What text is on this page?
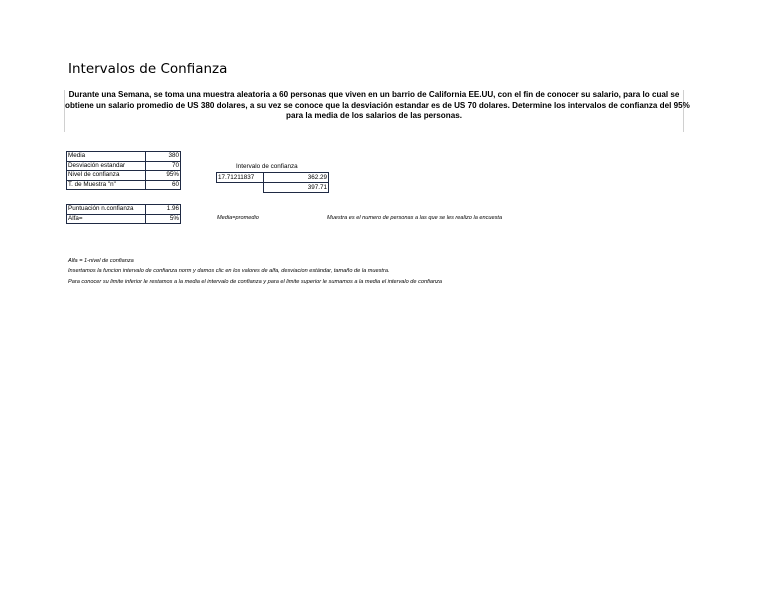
Intervalos de Confianza
Durante una Semana, se toma una muestra aleatoria a 60 personas que viven en un barrio de California EE.UU, con el fin de conocer su salario, para lo cual se
obtiene un salario promedio de US 380 dolares, a su vez se conoce que la desviación estandar es de US 70 dolares. Determine los intervalos de confianza del 95%
para la media de los salarios de las personas.
Media	380
Desviación estandar	70
Nivel de confianza	95%
T. de Muestra "n"	60
Puntuación n.confianza	1.96
Alfa=	5%
Intervalo de confianza
17.71211837	362.29
	397.71
Media=promedio	Muestra es el numero de personas a las que se les realizo la encuesta
Alfa = 1-nivel de confianza
Insertamos la funcion intervalo de confianza norm y damos clic en los valores de alfa, desviacion estándar, tamaño de la muestra.
Para conocer su limite inferior le restamos a la media el intervalo de confianza y para el limite superior le sumamos a la media el intervalo de confianza
